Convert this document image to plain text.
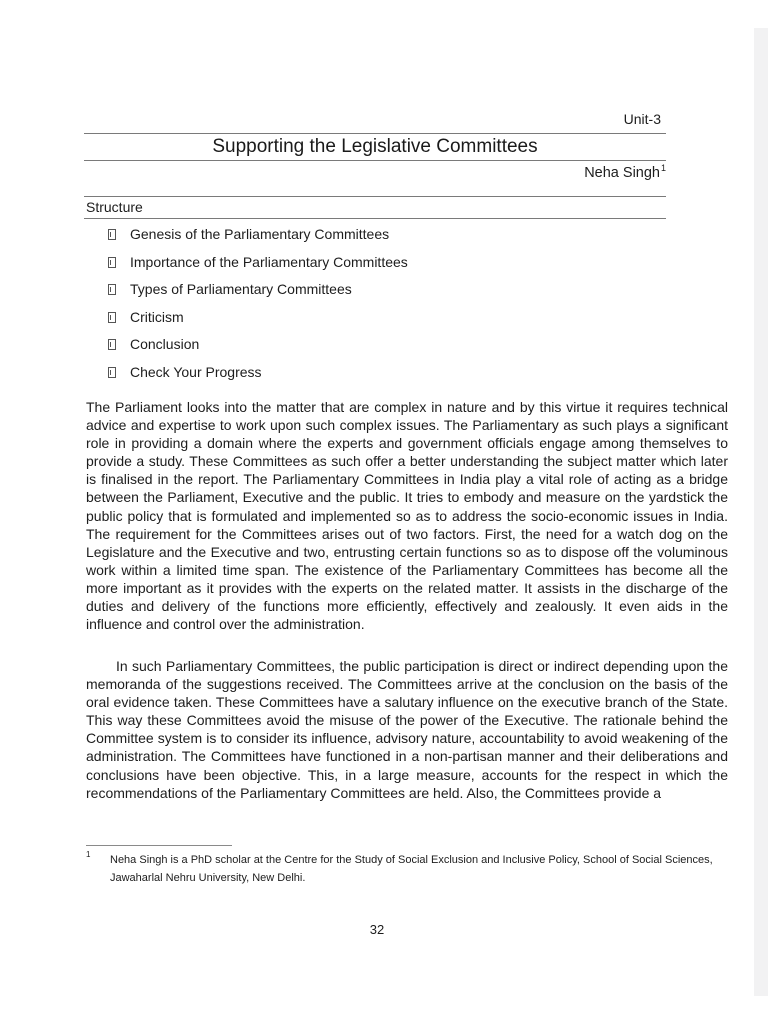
Unit-3
Supporting the Legislative Committees
Neha Singh$^1$
Structure
Genesis of the Parliamentary Committees
Importance of the Parliamentary Committees
Types of Parliamentary Committees
Criticism
Conclusion
Check Your Progress

The Parliament looks into the matter that are complex in nature and by this virtue it requires technical advice and expertise to work upon such complex issues. The Parliamentary as such plays a significant role in providing a domain where the experts and government officials engage among themselves to provide a study. These Committees as such offer a better understanding the subject matter which later is finalised in the report. The Parliamentary Committees in India play a vital role of acting as a bridge between the Parliament, Executive and the public. It tries to embody and measure on the yardstick the public policy that is formulated and implemented so as to address the socio-economic issues in India. The requirement for the Committees arises out of two factors. First, the need for a watch dog on the Legislature and the Executive and two, entrusting certain functions so as to dispose off the voluminous work within a limited time span. The existence of the Parliamentary Committees has become all the more important as it provides with the experts on the related matter. It assists in the discharge of the duties and delivery of the functions more efficiently, effectively and zealously. It even aids in the influence and control over the administration.

In such Parliamentary Committees, the public participation is direct or indirect depending upon the memoranda of the suggestions received. The Committees arrive at the conclusion on the basis of the oral evidence taken. These Committees have a salutary influence on the executive branch of the State. This way these Committees avoid the misuse of the power of the Executive. The rationale behind the Committee system is to consider its influence, advisory nature, accountability to avoid weakening of the administration. The Committees have functioned in a non-partisan manner and their deliberations and conclusions have been objective. This, in a large measure, accounts for the respect in which the recommendations of the Parliamentary Committees are held. Also, the Committees provide a

1 Neha Singh is a PhD scholar at the Centre for the Study of Social Exclusion and Inclusive Policy, School of Social Sciences, Jawaharlal Nehru University, New Delhi.

32
